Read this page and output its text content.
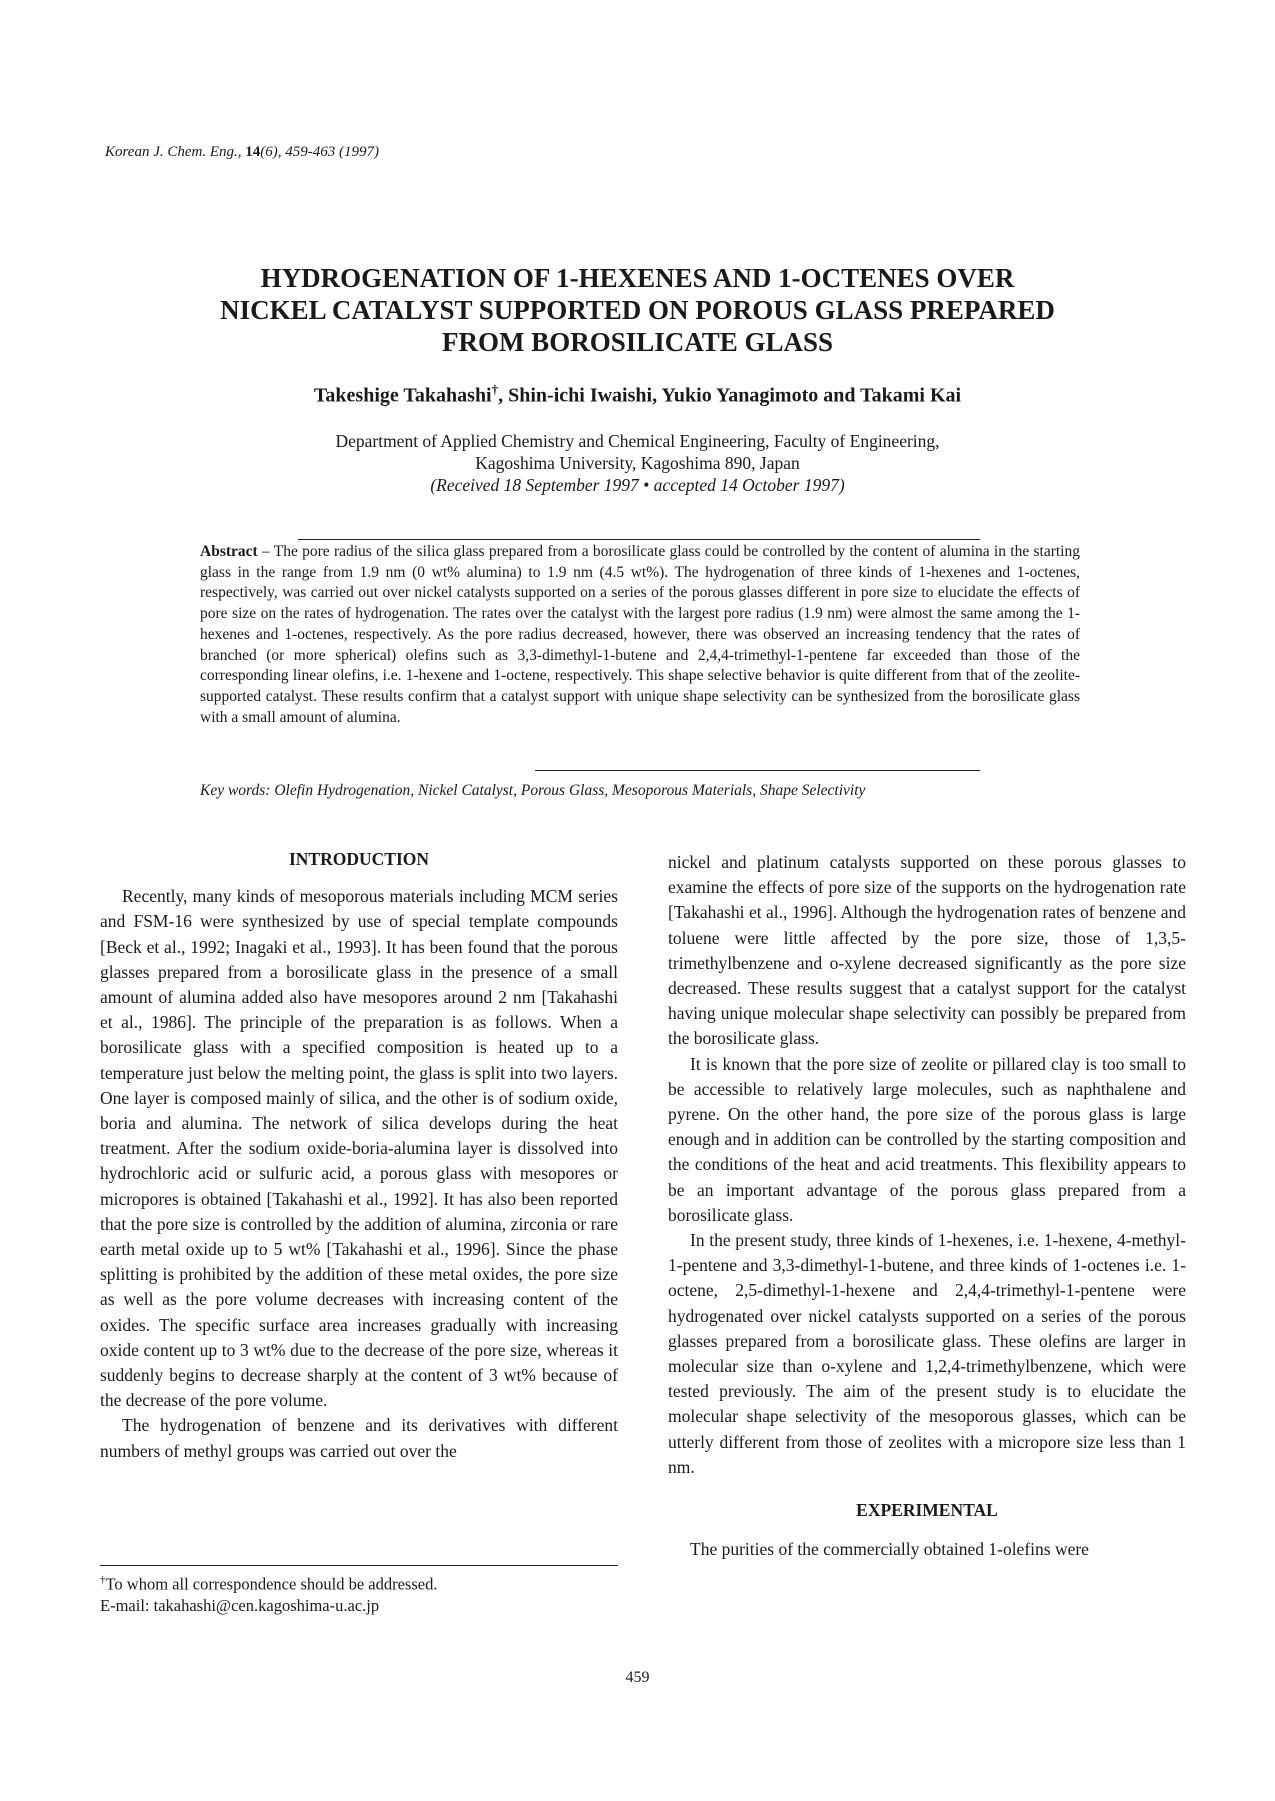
Korean J. Chem. Eng., 14(6), 459-463 (1997)
HYDROGENATION OF 1-HEXENES AND 1-OCTENES OVER
NICKEL CATALYST SUPPORTED ON POROUS GLASS PREPARED
FROM BOROSILICATE GLASS
Takeshige Takahashi†, Shin-ichi Iwaishi, Yukio Yanagimoto and Takami Kai
Department of Applied Chemistry and Chemical Engineering, Faculty of Engineering,
Kagoshima University, Kagoshima 890, Japan
(Received 18 September 1997 • accepted 14 October 1997)
Abstract – The pore radius of the silica glass prepared from a borosilicate glass could be controlled by the content of alumina in the starting glass in the range from 1.9 nm (0 wt% alumina) to 1.9 nm (4.5 wt%). The hydrogenation of three kinds of 1-hexenes and 1-octenes, respectively, was carried out over nickel catalysts supported on a series of the porous glasses different in pore size to elucidate the effects of pore size on the rates of hydrogenation. The rates over the catalyst with the largest pore radius (1.9 nm) were almost the same among the 1-hexenes and 1-octenes, respectively. As the pore radius decreased, however, there was observed an increasing tendency that the rates of branched (or more spherical) olefins such as 3,3-dimethyl-1-butene and 2,4,4-trimethyl-1-pentene far exceeded than those of the corresponding linear olefins, i.e. 1-hexene and 1-octene, respectively. This shape selective behavior is quite different from that of the zeolite-supported catalyst. These results confirm that a catalyst support with unique shape selectivity can be synthesized from the borosilicate glass with a small amount of alumina.
Key words: Olefin Hydrogenation, Nickel Catalyst, Porous Glass, Mesoporous Materials, Shape Selectivity
INTRODUCTION

Recently, many kinds of mesoporous materials including MCM series and FSM-16 were synthesized by use of special template compounds [Beck et al., 1992; Inagaki et al., 1993]. It has been found that the porous glasses prepared from a borosilicate glass in the presence of a small amount of alumina added also have mesopores around 2 nm [Takahashi et al., 1986]. The principle of the preparation is as follows. When a borosilicate glass with a specified composition is heated up to a temperature just below the melting point, the glass is split into two layers. One layer is composed mainly of silica, and the other is of sodium oxide, boria and alumina. The network of silica develops during the heat treatment. After the sodium oxide-boria-alumina layer is dissolved into hydrochloric acid or sulfuric acid, a porous glass with mesopores or micropores is obtained [Takahashi et al., 1992]. It has also been reported that the pore size is controlled by the addition of alumina, zirconia or rare earth metal oxide up to 5 wt% [Takahashi et al., 1996]. Since the phase splitting is prohibited by the addition of these metal oxides, the pore size as well as the pore volume decreases with increasing content of the oxides. The specific surface area increases gradually with increasing oxide content up to 3 wt% due to the decrease of the pore size, whereas it suddenly begins to decrease sharply at the content of 3 wt% because of the decrease of the pore volume.

The hydrogenation of benzene and its derivatives with different numbers of methyl groups was carried out over the

nickel and platinum catalysts supported on these porous glasses to examine the effects of pore size of the supports on the hydrogenation rate [Takahashi et al., 1996]. Although the hydrogenation rates of benzene and toluene were little affected by the pore size, those of 1,3,5-trimethylbenzene and o-xylene decreased significantly as the pore size decreased. These results suggest that a catalyst support for the catalyst having unique molecular shape selectivity can possibly be prepared from the borosilicate glass.

It is known that the pore size of zeolite or pillared clay is too small to be accessible to relatively large molecules, such as naphthalene and pyrene. On the other hand, the pore size of the porous glass is large enough and in addition can be controlled by the starting composition and the conditions of the heat and acid treatments. This flexibility appears to be an important advantage of the porous glass prepared from a borosilicate glass.

In the present study, three kinds of 1-hexenes, i.e. 1-hexene, 4-methyl-1-pentene and 3,3-dimethyl-1-butene, and three kinds of 1-octenes i.e. 1-octene, 2,5-dimethyl-1-hexene and 2,4,4-trimethyl-1-pentene were hydrogenated over nickel catalysts supported on a series of the porous glasses prepared from a borosilicate glass. These olefins are larger in molecular size than o-xylene and 1,2,4-trimethylbenzene, which were tested previously. The aim of the present study is to elucidate the molecular shape selectivity of the mesoporous glasses, which can be utterly different from those of zeolites with a micropore size less than 1 nm.

EXPERIMENTAL

The purities of the commercially obtained 1-olefins were

†To whom all correspondence should be addressed.
E-mail: takahashi@cen.kagoshima-u.ac.jp
459
